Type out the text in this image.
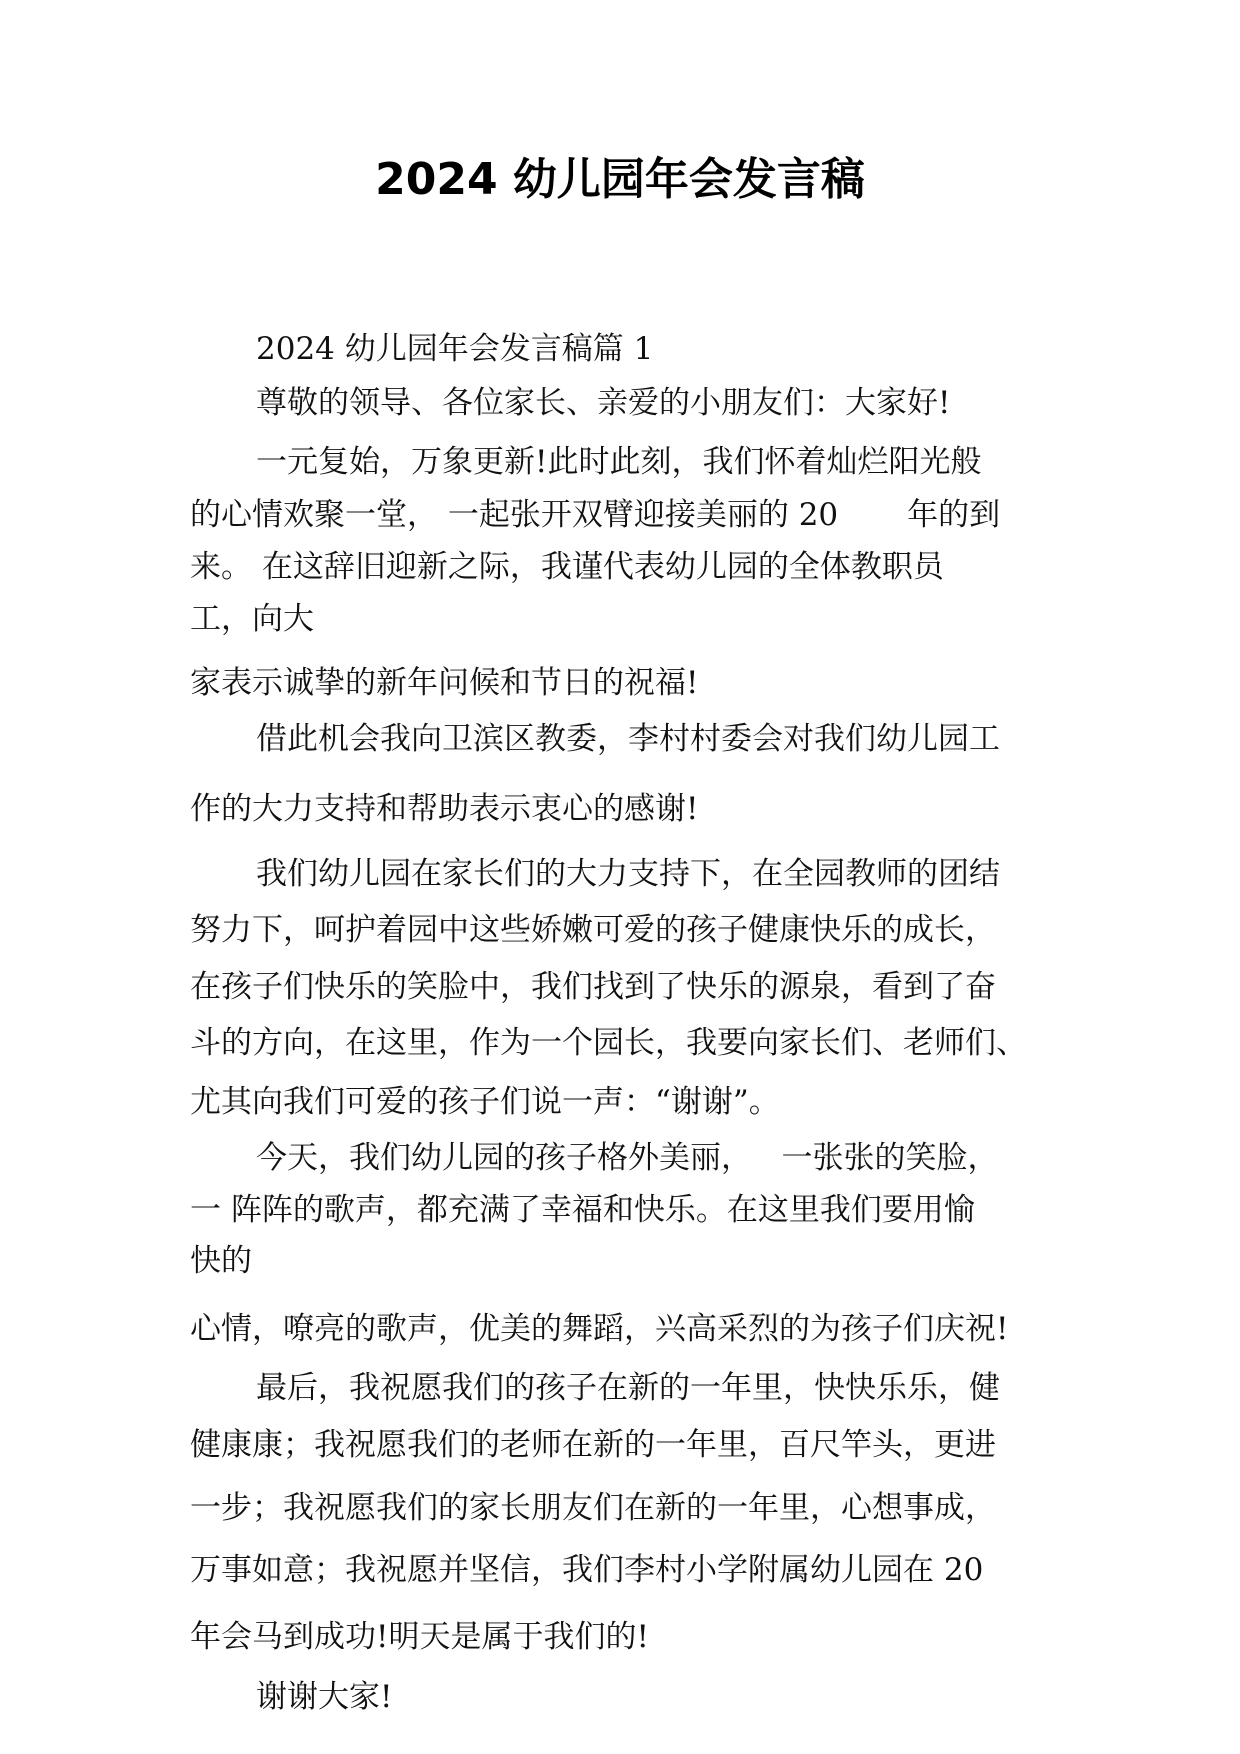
2024 幼儿园年会发言稿
2024 幼儿园年会发言稿篇 1
尊敬的领导、各位家长、亲爱的小朋友们：大家好!
一元复始，万象更新!此时此刻，我们怀着灿烂阳光般
的心情欢聚一堂， 一起张开双臂迎接美丽的 20       年的到
来。 在这辞旧迎新之际，我谨代表幼儿园的全体教职员
工，向大
家表示诚挚的新年问候和节日的祝福!
借此机会我向卫滨区教委，李村村委会对我们幼儿园工
作的大力支持和帮助表示衷心的感谢!
我们幼儿园在家长们的大力支持下，在全园教师的团结
努力下，呵护着园中这些娇嫩可爱的孩子健康快乐的成长，
在孩子们快乐的笑脸中，我们找到了快乐的源泉，看到了奋
斗的方向，在这里，作为一个园长，我要向家长们、老师们、
尤其向我们可爱的孩子们说一声：“谢谢”。
今天，我们幼儿园的孩子格外美丽，   一张张的笑脸，
一 阵阵的歌声，都充满了幸福和快乐。在这里我们要用愉
快的
心情，嘹亮的歌声，优美的舞蹈，兴高采烈的为孩子们庆祝!
最后，我祝愿我们的孩子在新的一年里，快快乐乐，健
健康康；我祝愿我们的老师在新的一年里，百尺竿头，更进
一步；我祝愿我们的家长朋友们在新的一年里，心想事成，
万事如意；我祝愿并坚信，我们李村小学附属幼儿园在 20
年会马到成功!明天是属于我们的!
谢谢大家!
